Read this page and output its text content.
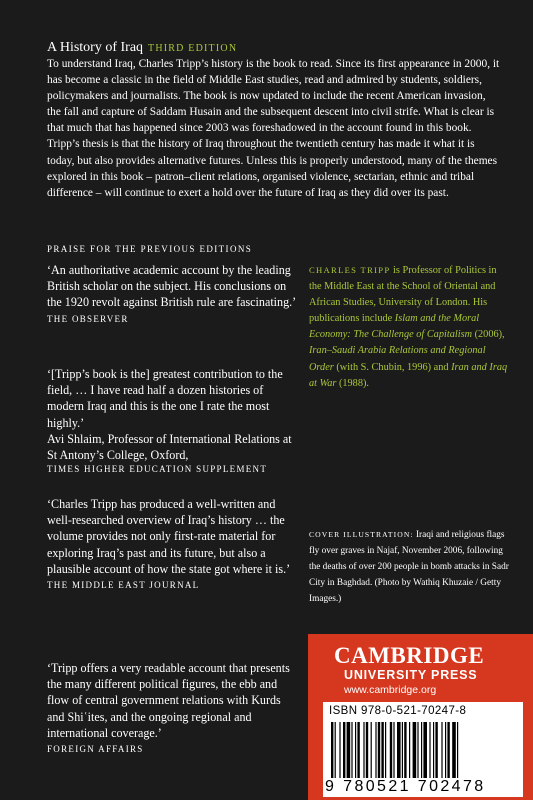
A History of Iraq THIRD EDITION

To understand Iraq, Charles Tripp’s history is the book to read. Since its first appearance in 2000, it has become a classic in the field of Middle East studies, read and admired by students, soldiers, policymakers and journalists. The book is now updated to include the recent American invasion, the fall and capture of Saddam Husain and the subsequent descent into civil strife. What is clear is that much that has happened since 2003 was foreshadowed in the account found in this book. Tripp’s thesis is that the history of Iraq throughout the twentieth century has made it what it is today, but also provides alternative futures. Unless this is properly understood, many of the themes explored in this book – patron–client relations, organised violence, sectarian, ethnic and tribal difference – will continue to exert a hold over the future of Iraq as they did over its past.

PRAISE FOR THE PREVIOUS EDITIONS

‘An authoritative academic account by the leading British scholar on the subject. His conclusions on the 1920 revolt against British rule are fascinating.’

THE OBSERVER

‘[Tripp’s book is the] greatest contribution to the field, … I have read half a dozen histories of modern Iraq and this is the one I rate the most highly.’

Avi Shlaim, Professor of International Relations at St Antony’s College, Oxford,

TIMES HIGHER EDUCATION SUPPLEMENT

‘Charles Tripp has produced a well-written and well-researched overview of Iraq’s history … the volume provides not only first-rate material for exploring Iraq’s past and its future, but also a plausible account of how the state got where it is.’

THE MIDDLE EAST JOURNAL

‘Tripp offers a very readable account that presents the many different political figures, the ebb and flow of central government relations with Kurds and Shiʿites, and the ongoing regional and international coverage.’

FOREIGN AFFAIRS

CHARLES TRIPP is Professor of Politics in the Middle East at the School of Oriental and African Studies, University of London. His publications include Islam and the Moral Economy: The Challenge of Capitalism (2006), Iran–Saudi Arabia Relations and Regional Order (with S. Chubin, 1996) and Iran and Iraq at War (1988).

COVER ILLUSTRATION: Iraqi and religious flags fly over graves in Najaf, November 2006, following the deaths of over 200 people in bomb attacks in Sadr City in Baghdad. (Photo by Wathiq Khuzaie / Getty Images.)

CAMBRIDGE
UNIVERSITY PRESS
www.cambridge.org
ISBN 978-0-521-70247-8
9 780521 702478
